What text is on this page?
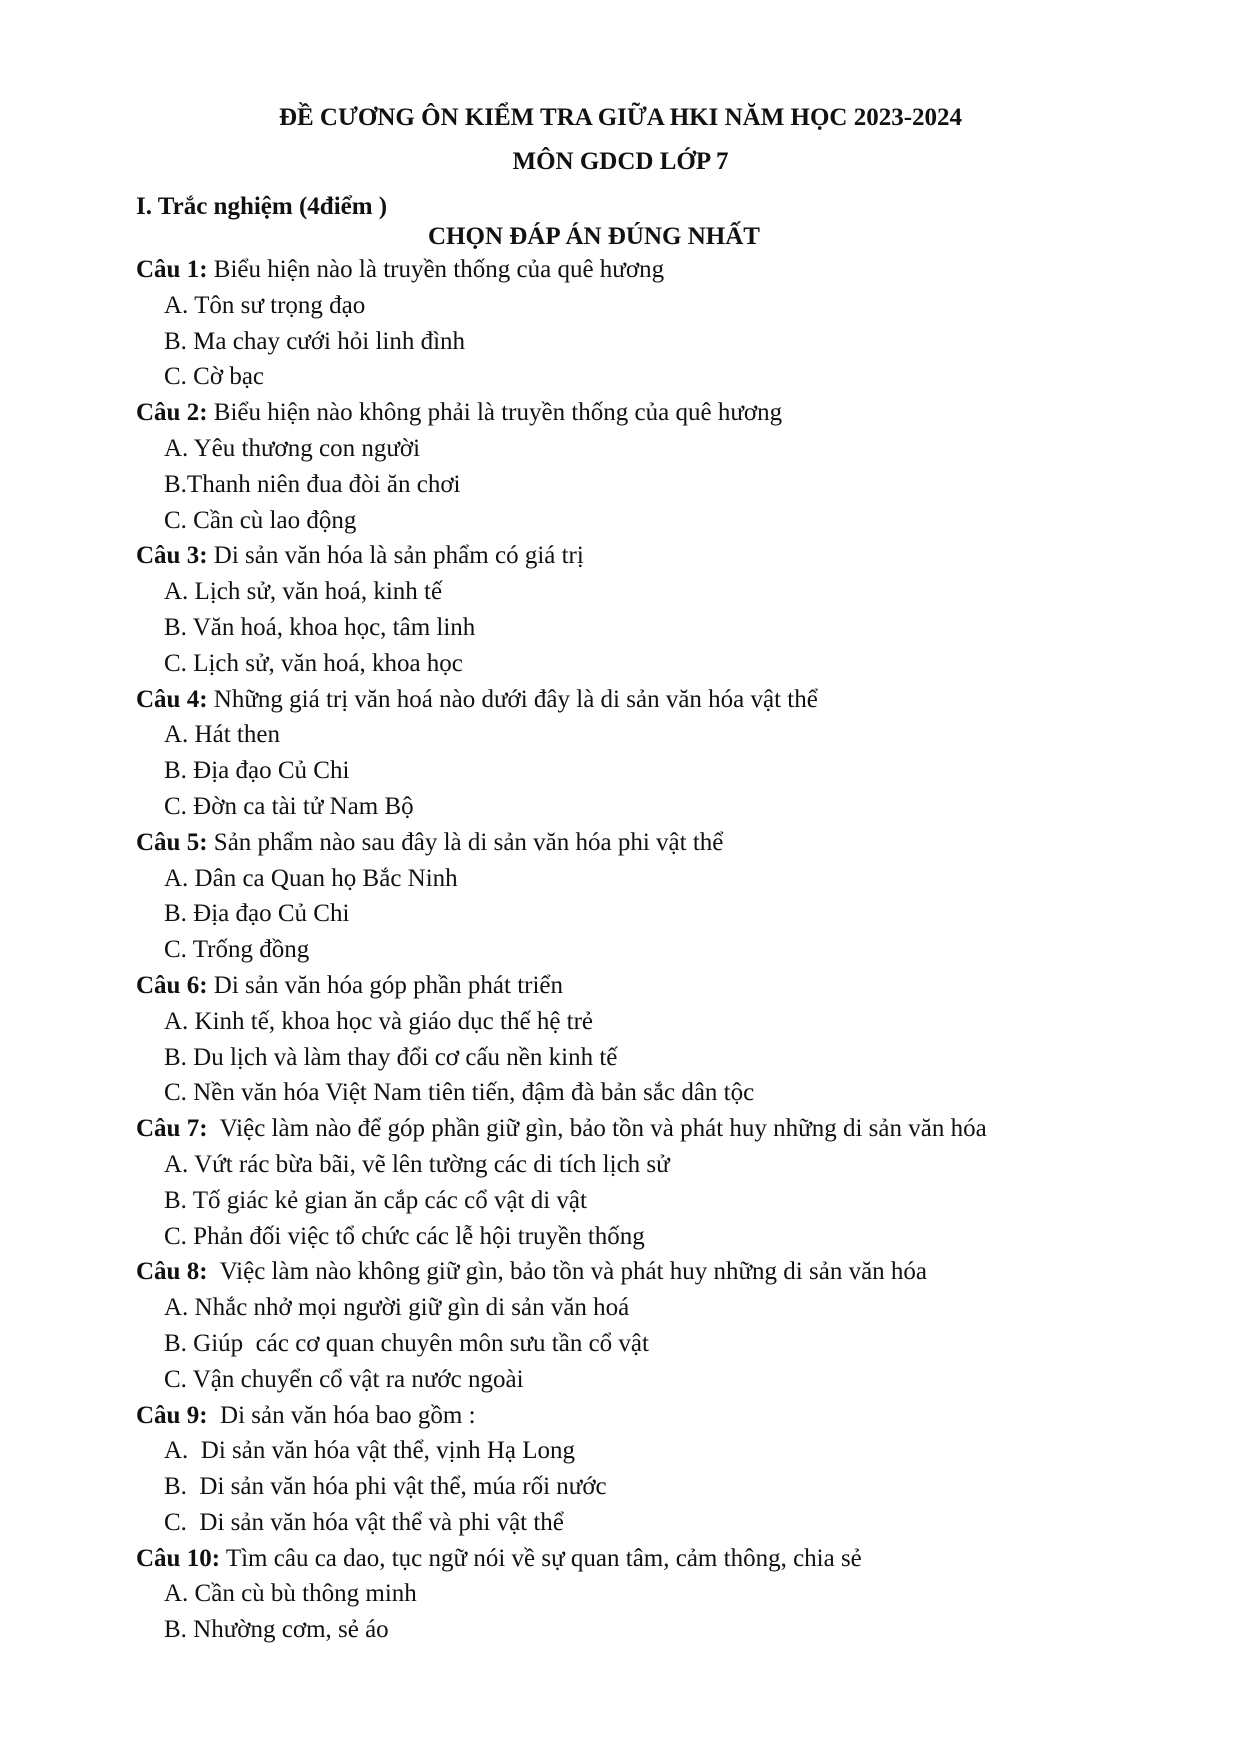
ĐỀ CƯƠNG ÔN KIỂM TRA GIỮA HKI NĂM HỌC 2023-2024
MÔN GDCD LỚP 7
I. Trắc nghiệm (4điểm )
CHỌN ĐÁP ÁN ĐÚNG NHẤT
Câu 1: Biểu hiện nào là truyền thống của quê hương
A. Tôn sư trọng đạo
B. Ma chay cưới hỏi linh đình
C. Cờ bạc
Câu 2: Biểu hiện nào không phải là truyền thống của quê hương
A. Yêu thương con người
B.Thanh niên đua đòi ăn chơi
C. Cần cù lao động
Câu 3: Di sản văn hóa là sản phẩm có giá trị
A. Lịch sử, văn hoá, kinh tế
B. Văn hoá, khoa học, tâm linh
C. Lịch sử, văn hoá, khoa học
Câu 4: Những giá trị văn hoá nào dưới đây là di sản văn hóa vật thể
A. Hát then
B. Địa đạo Củ Chi
C. Đờn ca tài tử Nam Bộ
Câu 5: Sản phẩm nào sau đây là di sản văn hóa phi vật thể
A. Dân ca Quan họ Bắc Ninh
B. Địa đạo Củ Chi
C. Trống đồng
Câu 6: Di sản văn hóa góp phần phát triển
A. Kinh tế, khoa học và giáo dục thế hệ trẻ
B. Du lịch và làm thay đổi cơ cấu nền kinh tế
C. Nền văn hóa Việt Nam tiên tiến, đậm đà bản sắc dân tộc
Câu 7:  Việc làm nào để góp phần giữ gìn, bảo tồn và phát huy những di sản văn hóa
A. Vứt rác bừa bãi, vẽ lên tường các di tích lịch sử
B. Tố giác kẻ gian ăn cắp các cổ vật di vật
C. Phản đối việc tổ chức các lễ hội truyền thống
Câu 8:  Việc làm nào không giữ gìn, bảo tồn và phát huy những di sản văn hóa
A. Nhắc nhở mọi người giữ gìn di sản văn hoá
B. Giúp  các cơ quan chuyên môn sưu tần cổ vật
C. Vận chuyển cổ vật ra nước ngoài
Câu 9:  Di sản văn hóa bao gồm :
A.  Di sản văn hóa vật thể, vịnh Hạ Long
B.  Di sản văn hóa phi vật thể, múa rối nước
C.  Di sản văn hóa vật thể và phi vật thể
Câu 10: Tìm câu ca dao, tục ngữ nói về sự quan tâm, cảm thông, chia sẻ
A. Cần cù bù thông minh
B. Nhường cơm, sẻ áo
